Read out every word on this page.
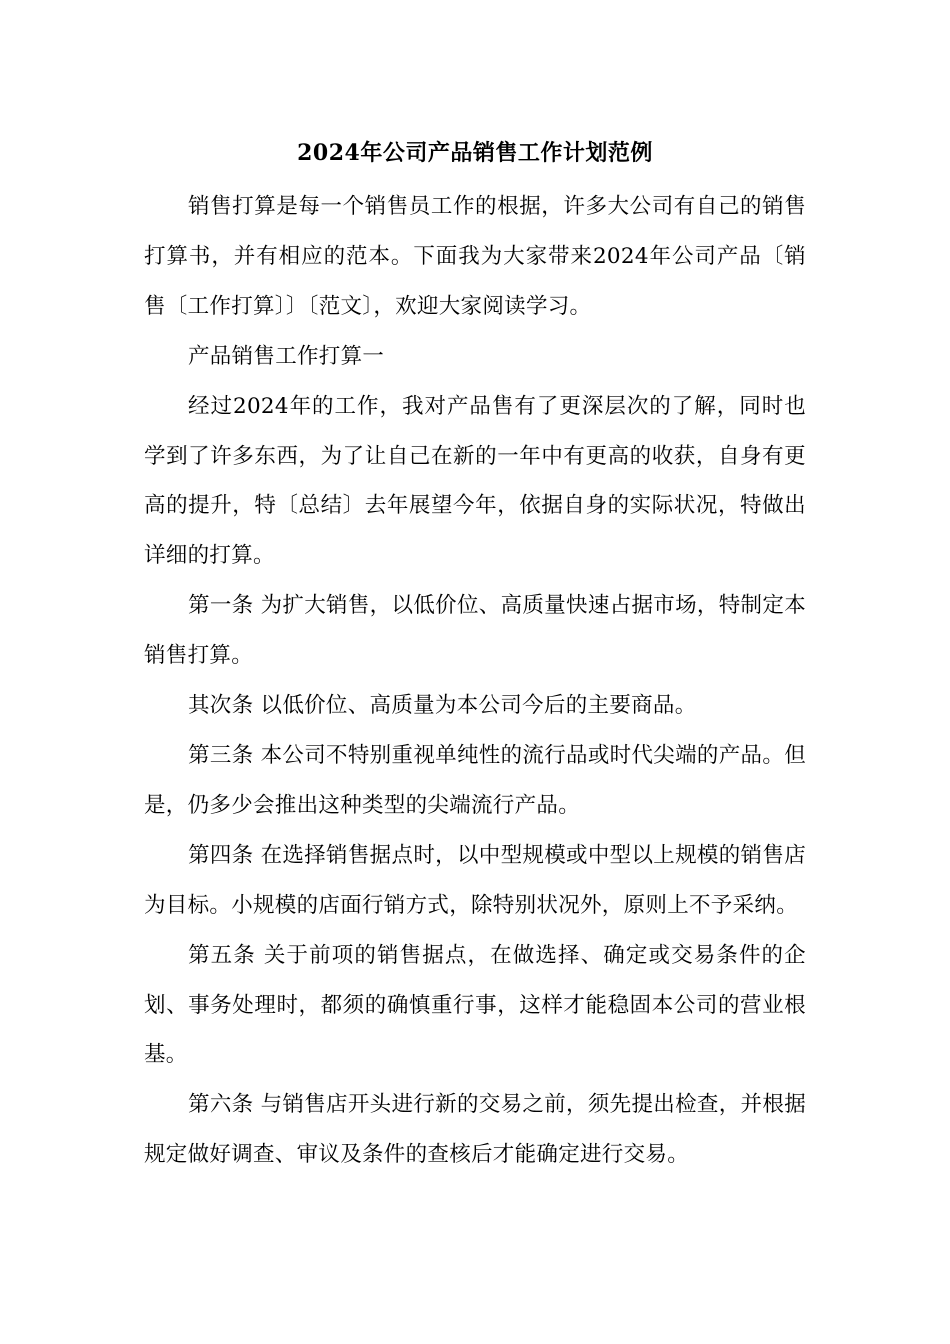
2024年公司产品销售工作计划范例

销售打算是每一个销售员工作的根据，许多大公司有自己的销售打算书，并有相应的范本。下面我为大家带来2024年公司产品〔销售〔工作打算〕〕〔范文〕，欢迎大家阅读学习。

产品销售工作打算一

经过2024年的工作，我对产品售有了更深层次的了解，同时也学到了许多东西，为了让自己在新的一年中有更高的收获，自身有更高的提升，特〔总结〕去年展望今年，依据自身的实际状况，特做出详细的打算。

第一条 为扩大销售，以低价位、高质量快速占据市场，特制定本销售打算。

其次条 以低价位、高质量为本公司今后的主要商品。

第三条 本公司不特别重视单纯性的流行品或时代尖端的产品。但是，仍多少会推出这种类型的尖端流行产品。

第四条 在选择销售据点时，以中型规模或中型以上规模的销售店为目标。小规模的店面行销方式，除特别状况外，原则上不予采纳。

第五条 关于前项的销售据点，在做选择、确定或交易条件的企划、事务处理时，都须的确慎重行事，这样才能稳固本公司的营业根基。

第六条 与销售店开头进行新的交易之前，须先提出检查，并根据规定做好调查、审议及条件的查核后才能确定进行交易。
